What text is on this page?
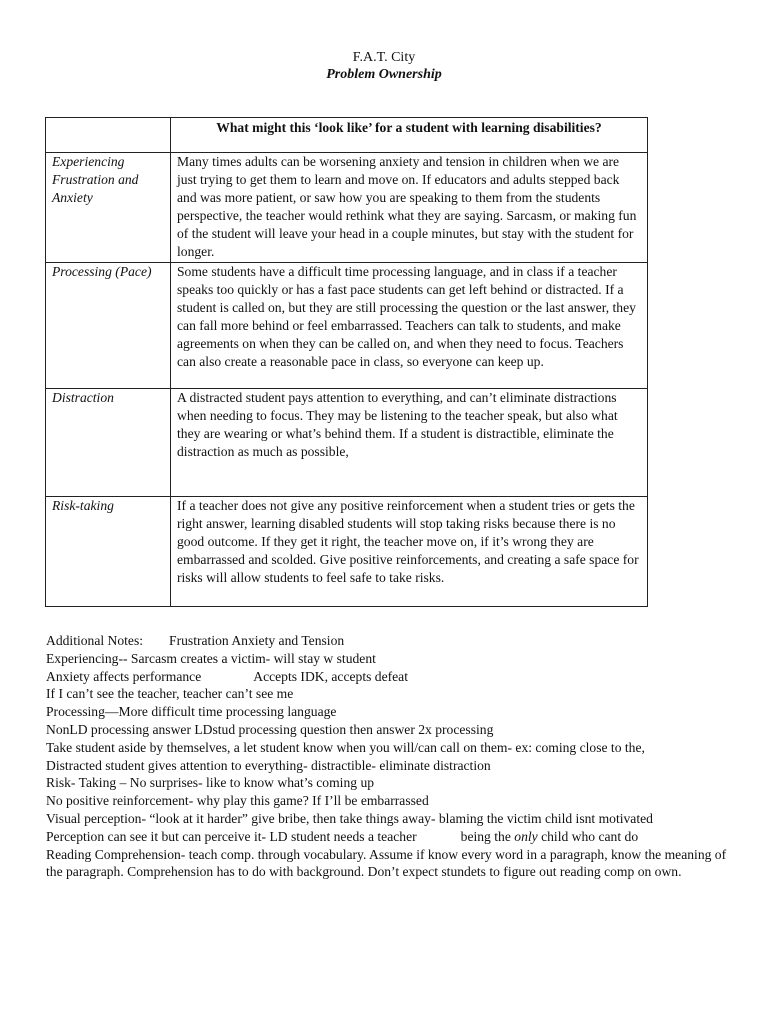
F.A.T. City
Problem Ownership
	What might this ‘look like’ for a student with learning disabilities?
Experiencing Frustration and Anxiety	Many times adults can be worsening anxiety and tension in children when we are just trying to get them to learn and move on. If educators and adults stepped back and was more patient, or saw how you are speaking to them from the students perspective, the teacher would rethink what they are saying. Sarcasm, or making fun of the student will leave your head in a couple minutes, but stay with the student for longer.
Processing (Pace)	Some students have a difficult time processing language, and in class if a teacher speaks too quickly or has a fast pace students can get left behind or distracted. If a student is called on, but they are still processing the question or the last answer, they can fall more behind or feel embarrassed. Teachers can talk to students, and make agreements on when they can be called on, and when they need to focus. Teachers can also create a reasonable pace in class, so everyone can keep up.
Distraction	A distracted student pays attention to everything, and can’t eliminate distractions when needing to focus. They may be listening to the teacher speak, but also what they are wearing or what’s behind them. If a student is distractible, eliminate the distraction as much as possible,
Risk-taking	If a teacher does not give any positive reinforcement when a student tries or gets the right answer, learning disabled students will stop taking risks because there is no good outcome. If they get it right, the teacher move on, if it’s wrong they are embarrassed and scolded. Give positive reinforcements, and creating a safe space for risks will allow students to feel safe to take risks.
Additional Notes: Frustration Anxiety and Tension
Experiencing-- Sarcasm creates a victim- will stay w student
Anxiety affects performance	Accepts IDK, accepts defeat
If I can’t see the teacher, teacher can’t see me
Processing—More difficult time processing language
NonLD processing answer LDstud processing question then answer 2x processing
Take student aside by themselves, a let student know when you will/can call on them- ex: coming close to the,
Distracted student gives attention to everything- distractible- eliminate distraction
Risk- Taking – No surprises- like to know what’s coming up
No positive reinforcement- why play this game? If I’ll be embarrassed
Visual perception- “look at it harder” give bribe, then take things away- blaming the victim child isnt motivated
Perception can see it but can perceive it- LD student needs a teacher	being the only child who cant do
Reading Comprehension- teach comp. through vocabulary. Assume if know every word in a paragraph, know the meaning of the paragraph. Comprehension has to do with background. Don’t expect stundets to figure out reading comp on own.
